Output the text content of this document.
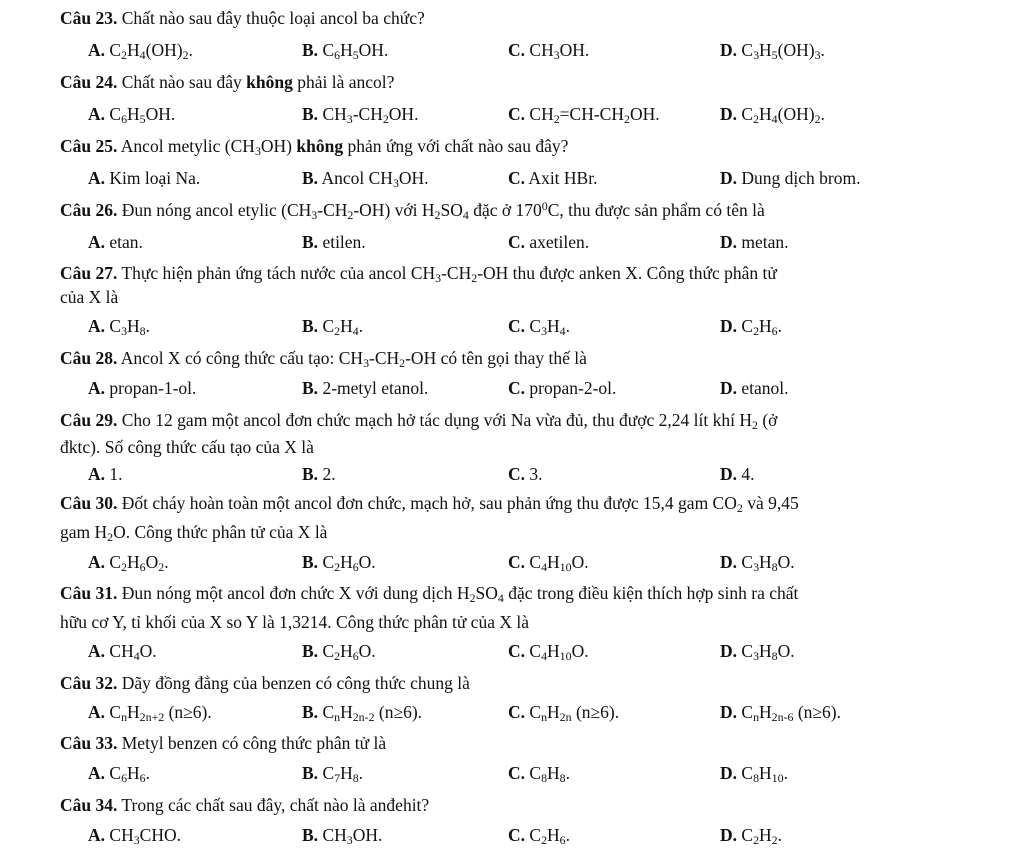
Câu 23. Chất nào sau đây thuộc loại ancol ba chức?
A. $C_2H_4(OH)_2$.	B. $C_6H_5OH$.	C. $CH_3OH$.	D. $C_3H_5(OH)_3$.
Câu 24. Chất nào sau đây không phải là ancol?
A. $C_6H_5OH$.	B. $CH_3-CH_2OH$.	C. $CH_2=CH-CH_2OH$.	D. $C_2H_4(OH)_2$.
Câu 25. Ancol metylic $(CH_3OH)$ không phản ứng với chất nào sau đây?
A. Kim loại Na.	B. Ancol $CH_3OH$.	C. Axit HBr.	D. Dung dịch brom.
Câu 26. Đun nóng ancol etylic $(CH_3-CH_2-OH)$ với $H_2SO_4$ đặc ở $170^0C$, thu được sản phẩm có tên là
A. etan.	B. etilen.	C. axetilen.	D. metan.
Câu 27. Thực hiện phản ứng tách nước của ancol $CH_3-CH_2-OH$ thu được anken X. Công thức phân tử
của X là
A. $C_3H_8$.	B. $C_2H_4$.	C. $C_3H_4$.	D. $C_2H_6$.
Câu 28. Ancol X có công thức cấu tạo: $CH_3-CH_2-OH$ có tên gọi thay thế là
A. propan-1-ol.	B. 2-metyl etanol.	C. propan-2-ol.	D. etanol.
Câu 29. Cho 12 gam một ancol đơn chức mạch hở tác dụng với Na vừa đủ, thu được 2,24 lít khí $H_2$ (ở
đktc). Số công thức cấu tạo của X là
A. 1.	B. 2.	C. 3.	D. 4.
Câu 30. Đốt cháy hoàn toàn một ancol đơn chức, mạch hở, sau phản ứng thu được 15,4 gam $CO_2$ và 9,45
gam $H_2O$. Công thức phân tử của X là
A. $C_2H_6O_2$.	B. $C_2H_6O$.	C. $C_4H_{10}O$.	D. $C_3H_8O$.
Câu 31. Đun nóng một ancol đơn chức X với dung dịch $H_2SO_4$ đặc trong điều kiện thích hợp sinh ra chất
hữu cơ Y, tỉ khối của X so Y là 1,3214. Công thức phân tử của X là
A. $CH_4O$.	B. $C_2H_6O$.	C. $C_4H_{10}O$.	D. $C_3H_8O$.
Câu 32. Dãy đồng đẳng của benzen có công thức chung là
A. $C_nH_{2n+2}$ (n≥6).	B. $C_nH_{2n-2}$ (n≥6).	C. $C_nH_{2n}$ (n≥6).	D. $C_nH_{2n-6}$ (n≥6).
Câu 33. Metyl benzen có công thức phân tử là
A. $C_6H_6$.	B. $C_7H_8$.	C. $C_8H_8$.	D. $C_8H_{10}$.
Câu 34. Trong các chất sau đây, chất nào là anđehit?
A. $CH_3CHO$.	B. $CH_3OH$.	C. $C_2H_6$.	D. $C_2H_2$.
